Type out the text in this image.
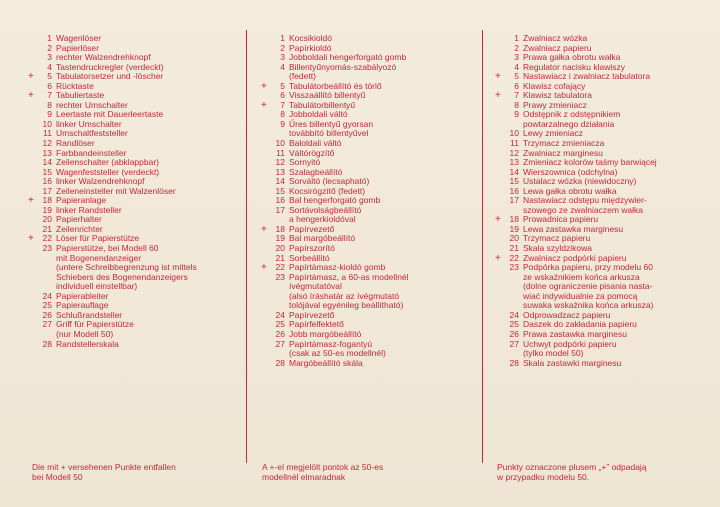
1 Wagenlöser
2 Papierlöser
3 rechter Walzendrehknopf
4 Tastendruckregler (verdeckt)
+	5 Tabulatorsetzer und -löscher
6 Rücktaste
+	7 Tabuliertaste
8 rechter Umschalter
9 Leertaste mit Dauerleertaste
10 linker Umschalter
11 Umschaltfeststeller
12 Randlöser
13 Farbbandeinsteller
14 Zeilenschalter (abklappbar)
15 Wagenfeststeller (verdeckt)
16 linker Walzendrehknopf
17 Zeileneinsteller mit Walzenlöser
+	18 Papieranlage
19 linker Randsteller
20 Papierhalter
21 Zeilenrichter
+	22 Löser für Papierstütze
23 Papierstütze, bei Modell 60
mit Bogenendanzeiger
(untere Schreibbegrenzung ist mittels
Schiebers des Bogenendanzeigers
individuell einstellbar)
24 Papierableiter
25 Papierauflage
26 Schlußrandsteller
27 Griff für Papierstütze
(nur Modell 50)
28 Randstellerskala
1 Kocsikioldó
2 Papírkioldó
3 Jobboldali hengerforgató gomb
4 Billentyűnyomás-szabályozó
(fedett)
+	5 Tabulátorbeállító és törlő
6 Visszaállító billentyű
+	7 Tabulátorbillentyű
8 Jobboldali váltó
9 Űres billentyű gyorsan
továbbító billentyűvel
10 Baloldali váltó
11 Váltórögzítő
12 Sornyitó
13 Szalagbeállító
14 Sorváltó (lecsapható)
15 Kocsirögzítő (fedett)
16 Bal hengerforgató gomb
17 Sortávolságbeállító
a hengerkioldóval
+	18 Papírvezető
19 Bal margóbeállító
20 Papírszorító
21 Sorbeállító
+	22 Papírtámasz-kioldó gomb
23 Papírtámasz, a 60-as modellnél
ívégmutatóval
(alsó íráshatár az ívégmutató
tolójával egyénileg beállítható)
24 Papírvezető
25 Papírfelfektető
26 Jobb margóbeállító
27 Papírtámasz-fogantyú
(csak az 50-es modellnél)
28 Margóbeállító skála
1 Zwalniacz wózka
2 Zwalniacz papieru
3 Prawa gałka obrotu wałka
4 Regulator nacisku klawiszy
+	5 Nastawiacz i zwalniacz tabulatora
6 Klawisz cofający
+	7 Klawisz tabulatora
8 Prawy zmieniacz
9 Odstępnik z odstępnikiem
powtarzalnego działania
10 Lewy zmieniacz
11 Trzymacz zmieniacza
12 Zwalniacz marginesu
13 Zmieniacz kolorów taśmy barwiącej
14 Wierszownica (odchylna)
15 Ustalacz wózka (niewidoczny)
16 Lewa gałka obrotu wałka
17 Nastawiacz odstępu międzywier-
szowego ze zwalniaczem wałka
+	18 Prowadnica papieru
19 Lewa zastawka marginesu
20 Trzymacz papieru
21 Skala szyldzikowa
+	22 Zwalniacz podpórki papieru
23 Podpórka papieru, przy modelu 60
ze wskaźnikiem końca arkusza
(dolne ograniczenie pisania nasta-
wiać indywidualnie za pomocą
suwaka wskaźnika końca arkusza)
24 Odprowadzacz papieru
25 Daszek do zakładania papieru
26 Prawa zastawka marginesu
27 Uchwyt podpórki papieru
(tylko model 50)
28 Skala zastawki marginesu
Die mit + versehenen Punkte entfallen
bei Modell 50
A +-el megjelölt pontok az 50-es
modellnél elmaradnak
Punkty oznaczone plusem „+” odpadają
w przypadku modelu 50.
